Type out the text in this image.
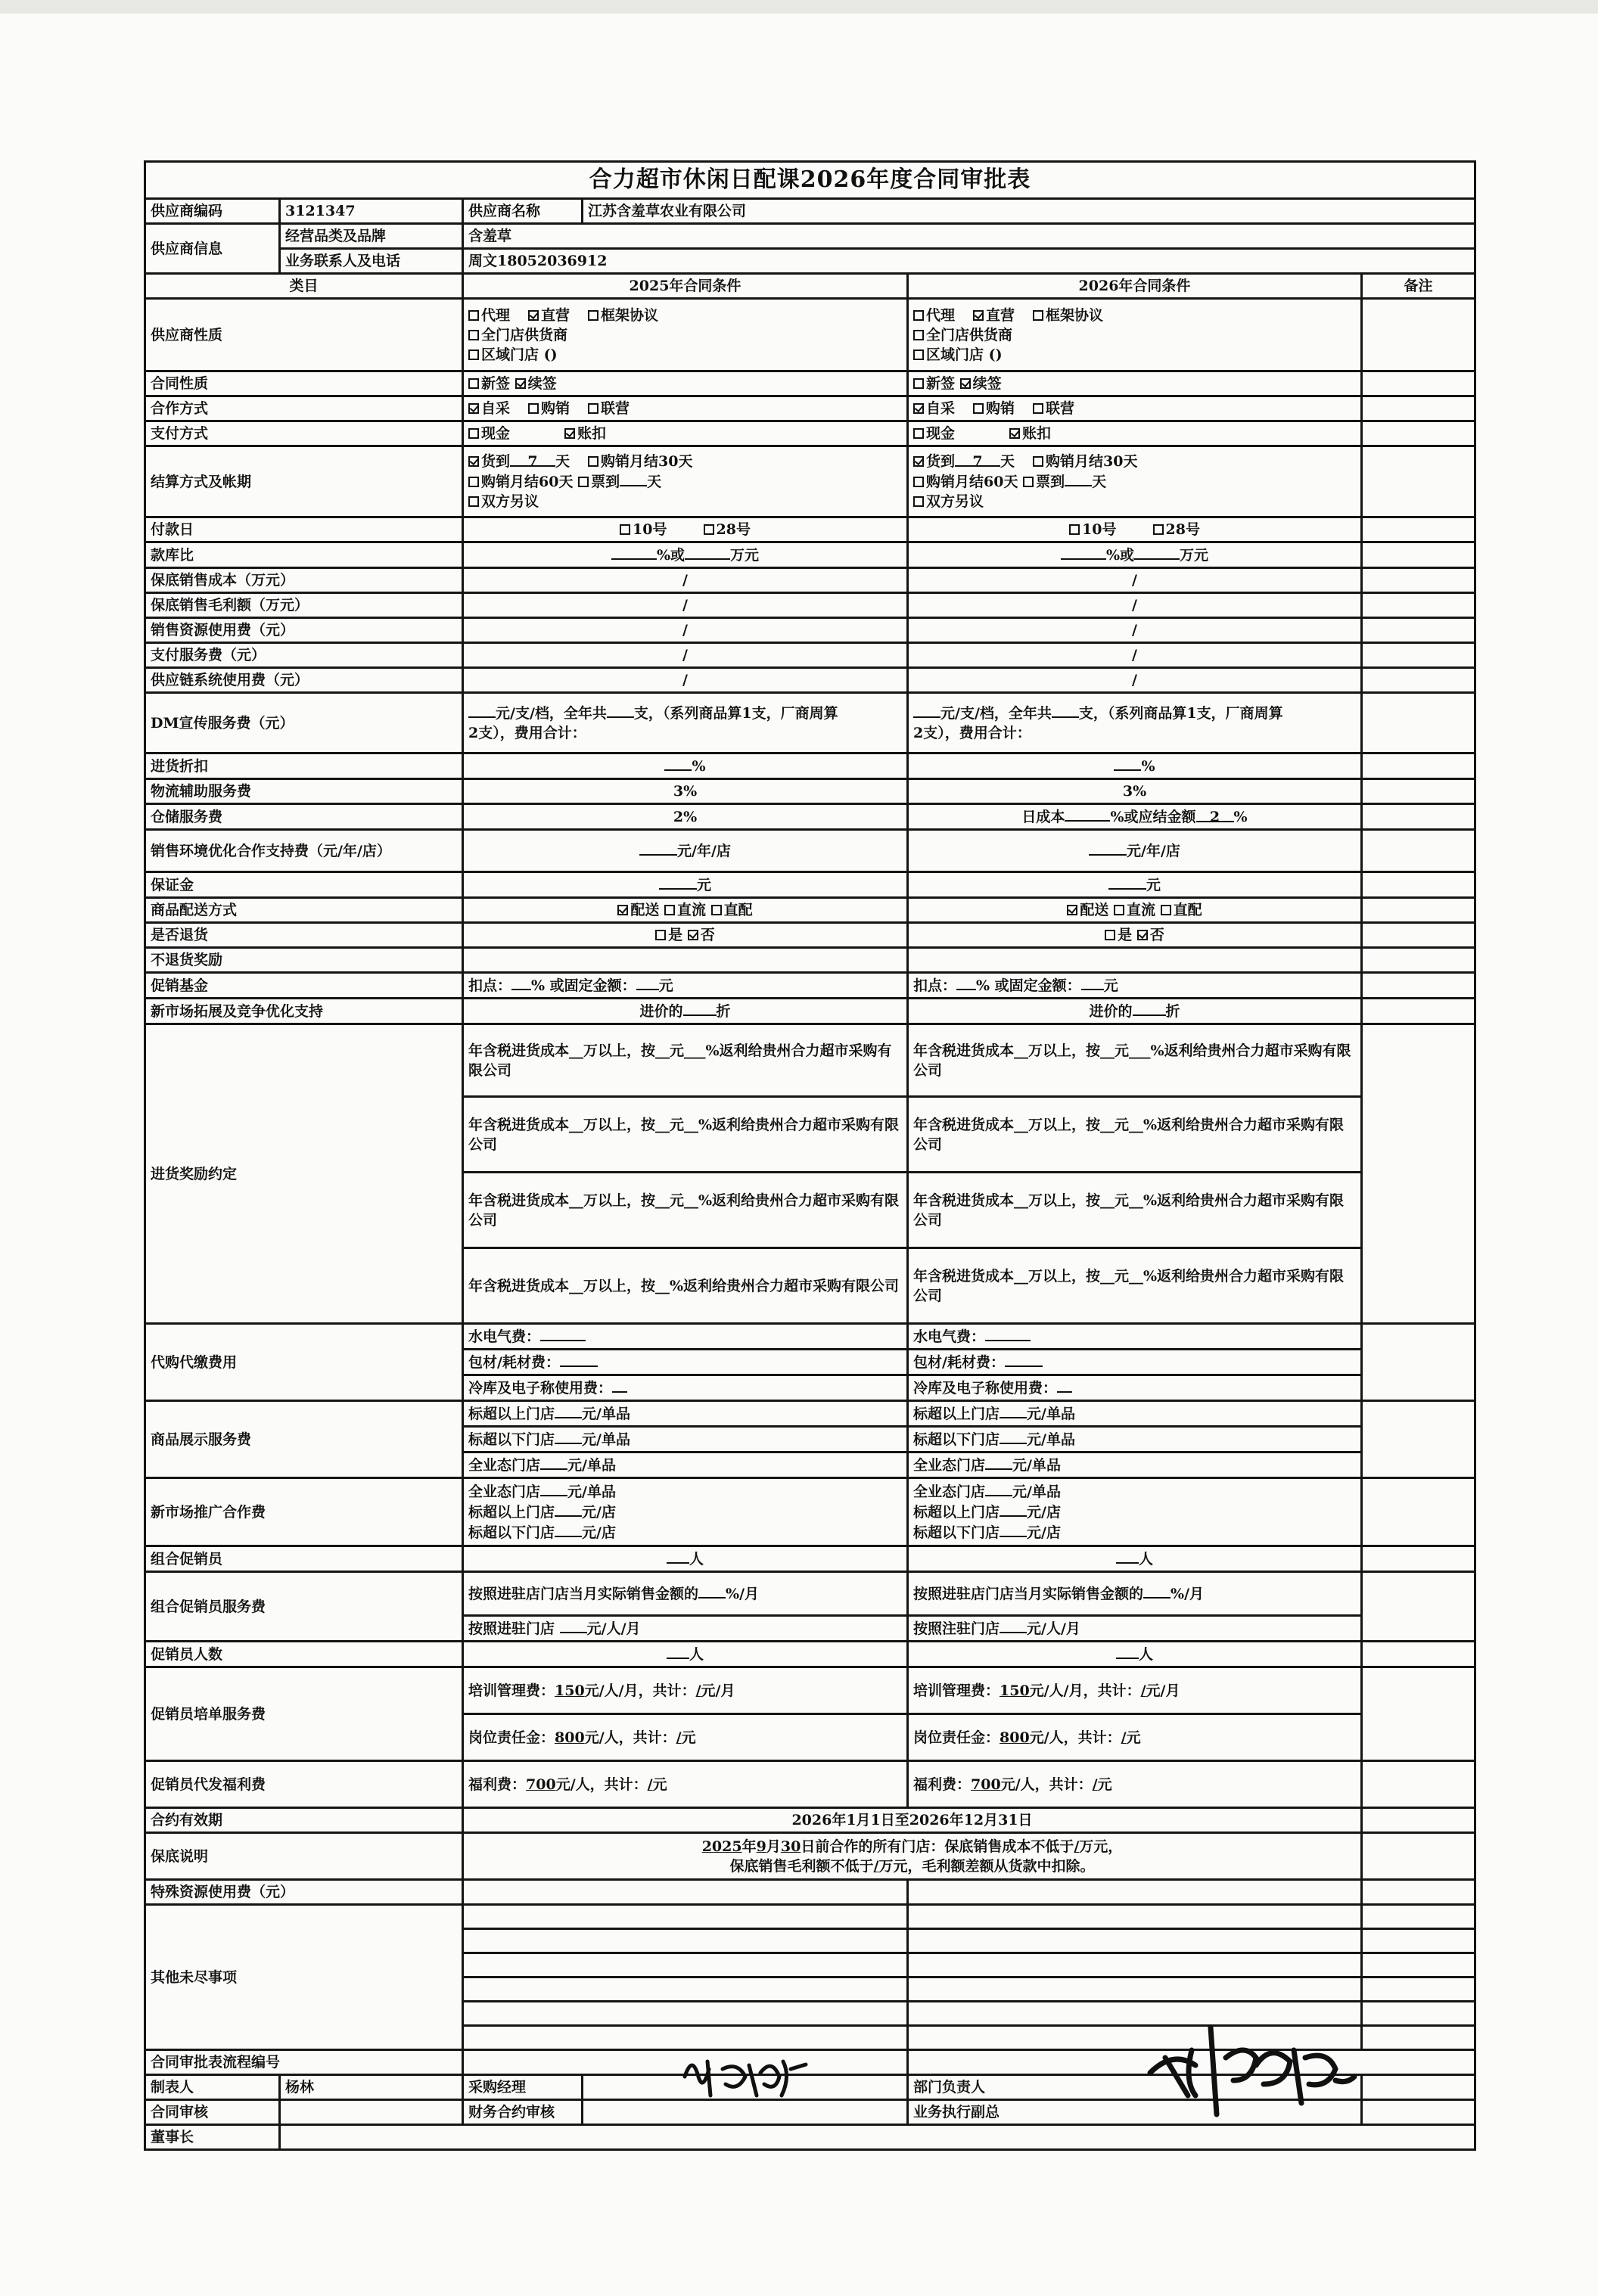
合力超市休闲日配课2026年度合同审批表
供应商编码	3121347	供应商名称	江苏含羞草农业有限公司
供应商信息	经营品类及品牌	含羞草
业务联系人及电话	周文18052036912
类目	2025年合同条件	2026年合同条件	备注
供应商性质	
代理 直营 框架协议
全门店供货商
区域门店 ()

代理 直营 框架协议
全门店供货商
区域门店 ()

合同性质	新签 续签	新签 续签	
合作方式	自采 购销 联营	自采 购销 联营	
支付方式	现金	账扣	现金	账扣	
结算方式及帐期	
货到 7 天 购销月结30天
购销月结60天 票到 天
双方另议

货到 7 天 购销月结30天
购销月结60天 票到 天
双方另议

付款日	10号	28号	10号	28号	
款库比	%或	万元	%或	万元	
保底销售成本（万元）	/	/	
保底销售毛利额（万元）	/	/	
销售资源使用费（元）	/	/	
支付服务费（元）	/	/	
供应链系统使用费（元）	/	/	
DM宣传服务费（元）	元/支/档，全年共 支，（系列商品算1支，厂商周算
2支），费用合计：	元/支/档，全年共 支，（系列商品算1支，厂商周算
2支），费用合计：	
进货折扣	%	%	
物流辅助服务费	3%	3%	
仓储服务费	2%	日成本	%或应结金额 2 %	
销售环境优化合作支持费（元/年/店）	元/年/店	元/年/店	
保证金	元	元	
商品配送方式	配送 直流 直配	配送 直流 直配	
是否退货	是 否	是 否	
不退货奖励			
促销基金	扣点： % 或固定金额： 元	扣点： % 或固定金额： 元	
新市场拓展及竞争优化支持	进价的 折	进价的 折	
进货奖励约定	年含税进货成本__万以上，按__元___%返利给贵州合力超市采购有限公司	年含税进货成本__万以上，按__元___%返利给贵州合力超市采购有限公司	
年含税进货成本__万以上，按__元__%返利给贵州合力超市采购有限公司	年含税进货成本__万以上，按__元__%返利给贵州合力超市采购有限公司
年含税进货成本__万以上，按__元__%返利给贵州合力超市采购有限公司	年含税进货成本__万以上，按__元__%返利给贵州合力超市采购有限公司
年含税进货成本__万以上，按__%返利给贵州合力超市采购有限公司	年含税进货成本__万以上，按__元__%返利给贵州合力超市采购有限公司
代购代缴费用	水电气费：	水电气费：	
包材/耗材费：	包材/耗材费：
冷库及电子称使用费：	冷库及电子称使用费：
商品展示服务费	标超以上门店 元/单品	标超以上门店 元/单品	
标超以下门店 元/单品	标超以下门店 元/单品
全业态门店 元/单品	全业态门店 元/单品
新市场推广合作费	
全业态门店 元/单品
标超以上门店 元/店
标超以下门店 元/店

全业态门店 元/单品
标超以上门店 元/店
标超以下门店 元/店

组合促销员	人	人	
组合促销员服务费	按照进驻店门店当月实际销售金额的 %/月	按照进驻店门店当月实际销售金额的 %/月	
按照进驻门店 元/人/月	按照注驻门店 元/人/月
促销员人数	人	人	
促销员培单服务费	培训管理费：150元/人/月，共计：/元/月	培训管理费：150元/人/月，共计：/元/月	
岗位责任金：800元/人，共计：/元	岗位责任金：800元/人，共计：/元
促销员代发福利费	福利费：700元/人，共计：/元	福利费：700元/人，共计：/元	
合约有效期	2026年1月1日至2026年12月31日	
保底说明	
2025年9月30日前合作的所有门店：保底销售成本不低于/万元，
保底销售毛利额不低于/万元，毛利额差额从货款中扣除。

特殊资源使用费（元）			
其他未尽事项			

合同审批表流程编号		
制表人	杨林	采购经理		部门负责人	
合同审核		财务合约审核		业务执行副总	
董事长	
